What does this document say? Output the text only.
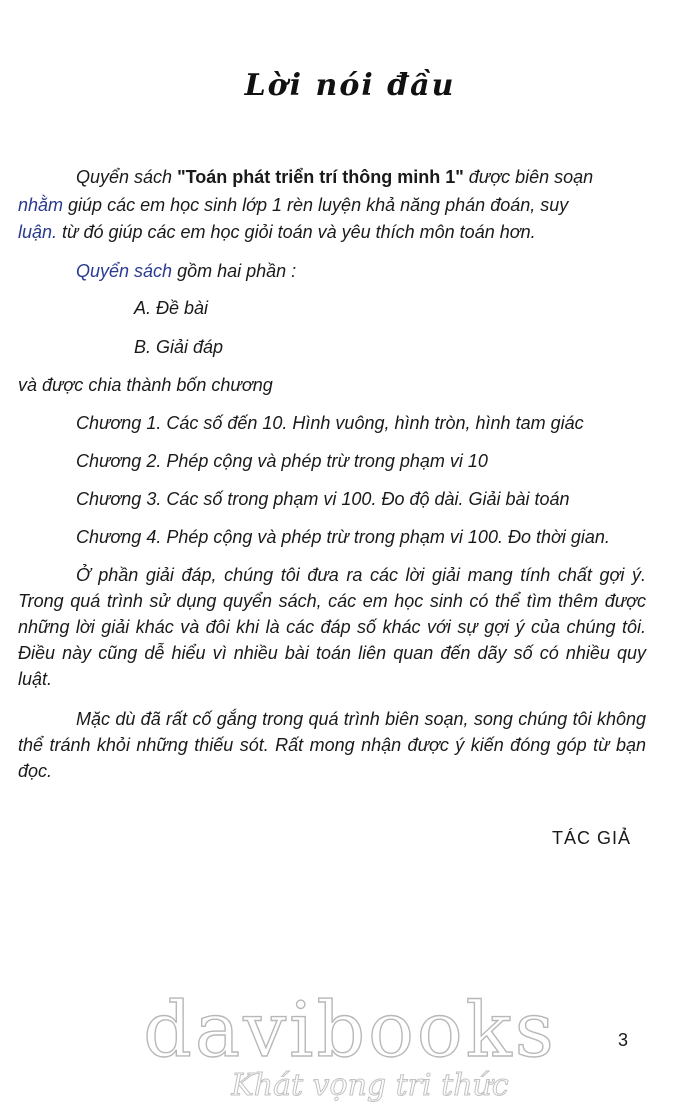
Lời nói đầu

Quyển sách "Toán phát triển trí thông minh 1" được biên soạn

nhằm giúp các em học sinh lớp 1 rèn luyện khả năng phán đoán, suy

luận. từ đó giúp các em học giỏi toán và yêu thích môn toán hơn.

Quyển sách gồm hai phần :

A. Đề bài

B. Giải đáp

và được chia thành bốn chương

Chương 1. Các số đến 10. Hình vuông, hình tròn, hình tam giác

Chương 2. Phép cộng và phép trừ trong phạm vi 10

Chương 3. Các số trong phạm vi 100. Đo độ dài. Giải bài toán

Chương 4. Phép cộng và phép trừ trong phạm vi 100. Đo thời gian.

Ở phần giải đáp, chúng tôi đưa ra các lời giải mang tính chất gợi ý. Trong quá trình sử dụng quyển sách, các em học sinh có thể tìm thêm được những lời giải khác và đôi khi là các đáp số khác với sự gợi ý của chúng tôi. Điều này cũng dễ hiểu vì nhiều bài toán liên quan đến dãy số có nhiều quy luật.

Mặc dù đã rất cố gắng trong quá trình biên soạn, song chúng tôi không thể tránh khỏi những thiếu sót. Rất mong nhận được ý kiến đóng góp từ bạn đọc.

TÁC GIẢ
davibooks
Khát vọng tri thức
3
